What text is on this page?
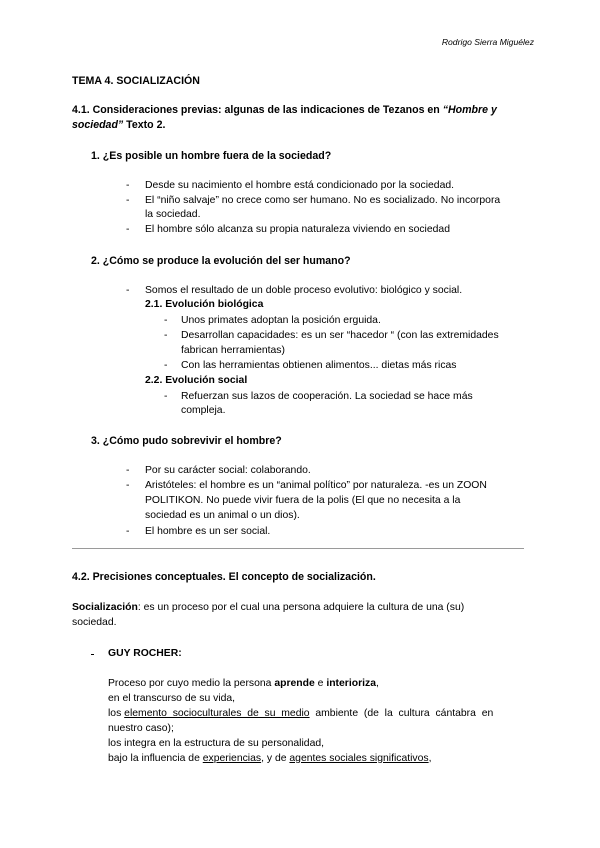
Rodrigo Sierra Miguélez
TEMA 4. SOCIALIZACIÓN
4.1. Consideraciones previas: algunas de las indicaciones de Tezanos en “Hombre y
sociedad” Texto 2.
1. ¿Es posible un hombre fuera de la sociedad?
- Desde su nacimiento el hombre está condicionado por la sociedad.
- El “niño salvaje” no crece como ser humano. No es socializado. No incorpora
la sociedad.
- El hombre sólo alcanza su propia naturaleza viviendo en sociedad
2. ¿Cómo se produce la evolución del ser humano?
- Somos el resultado de un doble proceso evolutivo: biológico y social.
2.1. Evolución biológica
- Unos primates adoptan la posición erguida.
- Desarrollan capacidades: es un ser “hacedor “ (con las extremidades
fabrican herramientas)
- Con las herramientas obtienen alimentos... dietas más ricas
2.2. Evolución social
- Refuerzan sus lazos de cooperación. La sociedad se hace más
compleja.
3. ¿Cómo pudo sobrevivir el hombre?
- Por su carácter social: colaborando.
- Aristóteles: el hombre es un “animal político” por naturaleza. -es un ZOON
POLITIKON. No puede vivir fuera de la polis (El que no necesita a la
sociedad es un animal o un dios).
- El hombre es un ser social.
4.2. Precisiones conceptuales. El concepto de socialización.
Socialización: es un proceso por el cual una persona adquiere la cultura de una (su)
sociedad.
GUY ROCHER:
Proceso por cuyo medio la persona aprende e interioriza,
en el transcurso de su vida,
los elemento  socioculturales  de  su  medio  ambiente  (de  la  cultura  cántabra  en
nuestro caso);
los integra en la estructura de su personalidad,
bajo la influencia de experiencias, y de agentes sociales significativos,
